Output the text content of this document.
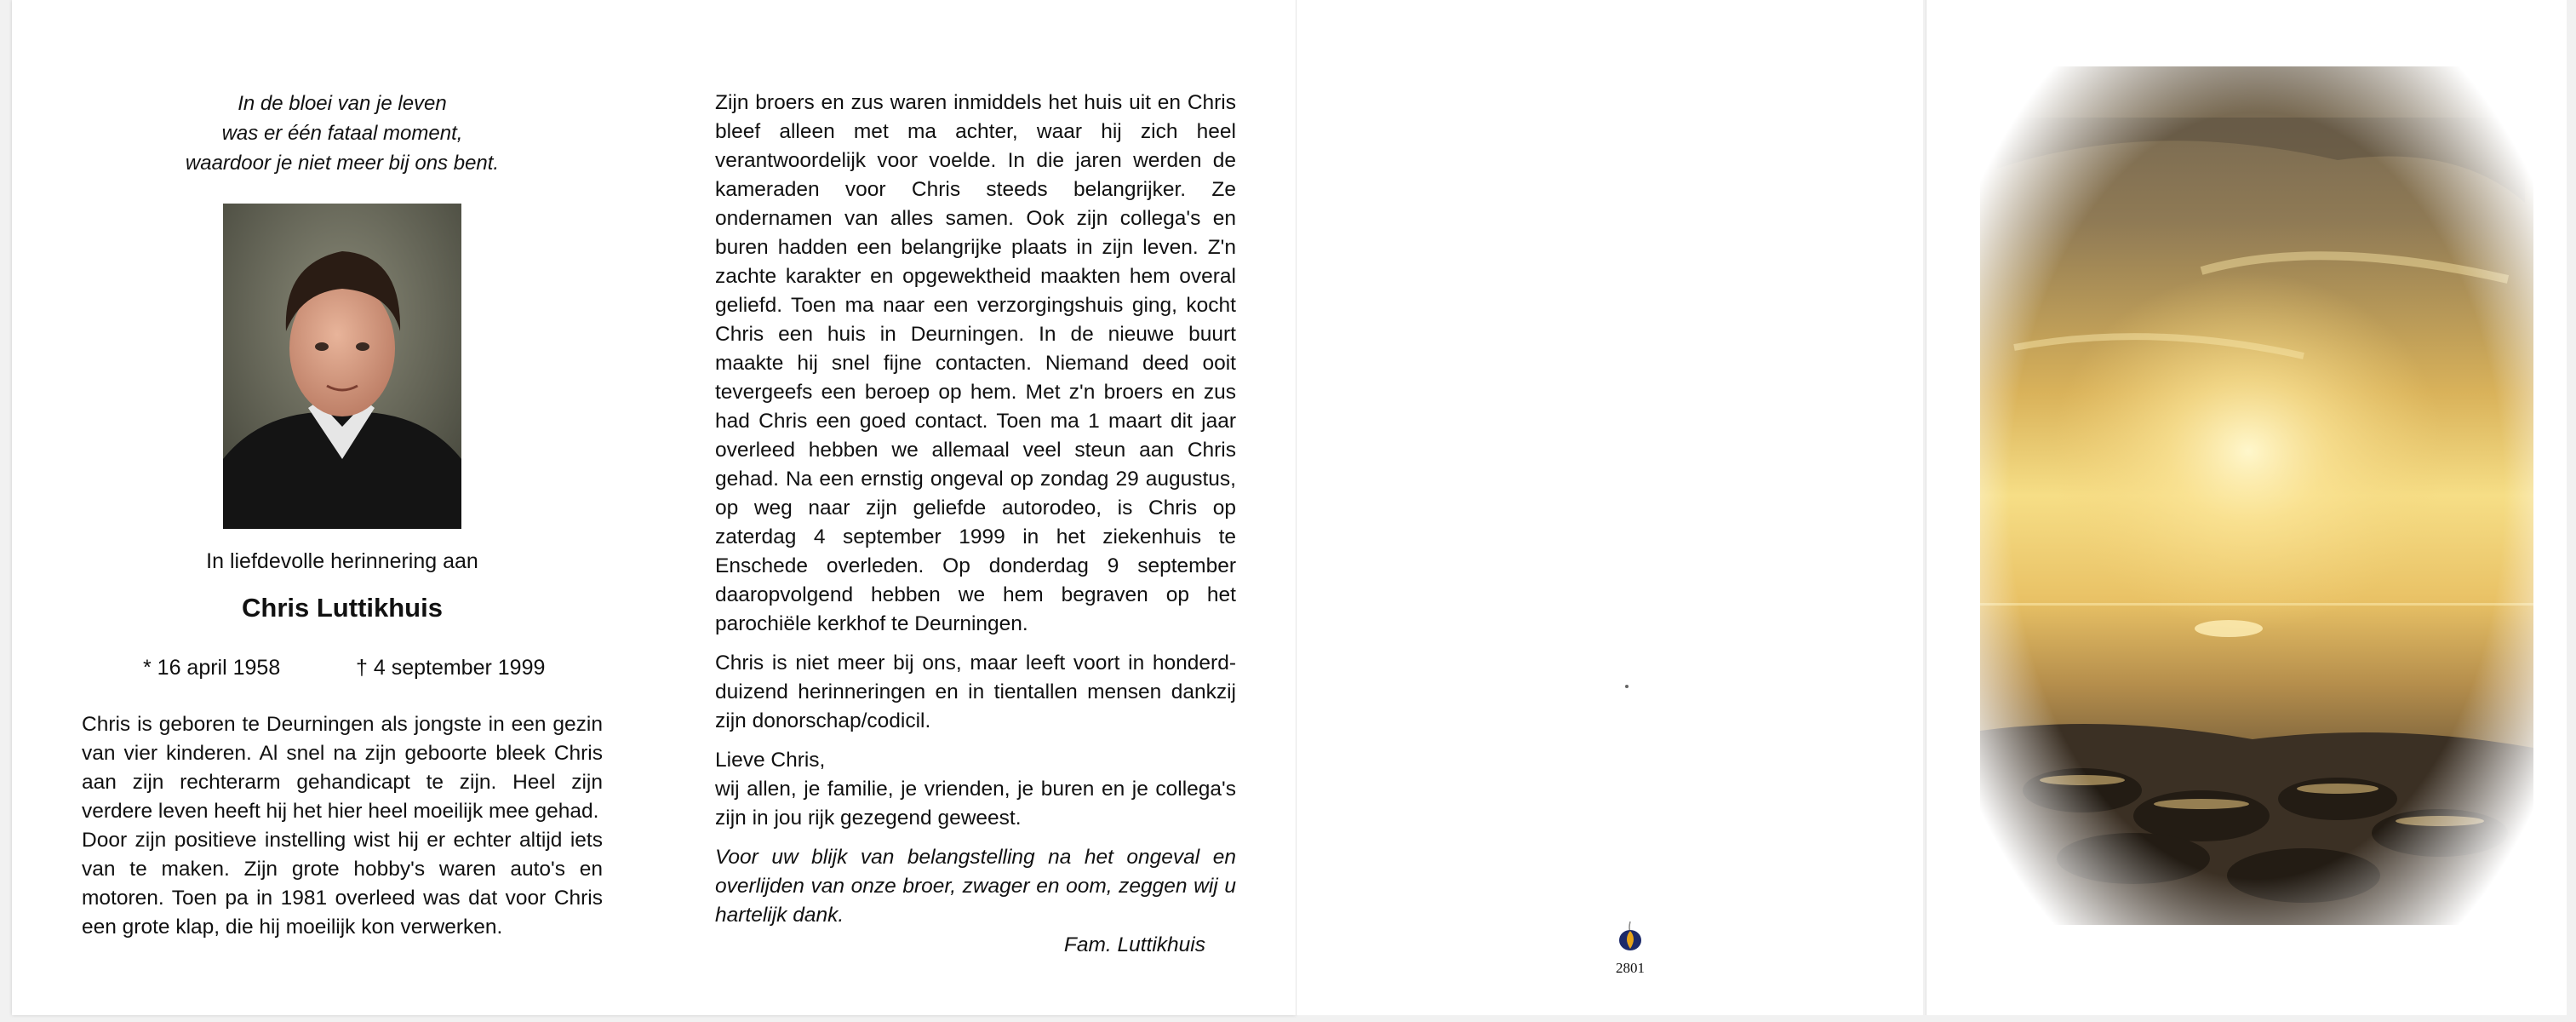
In de bloei van je leven
was er één fataal moment,
waardoor je niet meer bij ons bent.
In liefdevolle herinnering aan
Chris Luttikhuis
* 16 april 1958	† 4 september 1999

Chris is geboren te Deurningen als jongste in een gezin van vier kinderen. Al snel na zijn geboorte bleek Chris aan zijn rechterarm gehandicapt te zijn. Heel zijn verdere leven heeft hij het hier heel moeilijk mee gehad.

Door zijn positieve instelling wist hij er echter altijd iets van te maken. Zijn grote hobby's waren auto's en motoren. Toen pa in 1981 overleed was dat voor Chris een grote klap, die hij moeilijk kon verwerken.

Zijn broers en zus waren inmiddels het huis uit en Chris bleef alleen met ma achter, waar hij zich heel verantwoordelijk voor voelde. In die jaren werden de kameraden voor Chris steeds belangrijker. Ze ondernamen van alles samen. Ook zijn collega's en buren hadden een belangrijke plaats in zijn leven. Z'n zachte karakter en opgewektheid maakten hem overal geliefd. Toen ma naar een verzorgingshuis ging, kocht Chris een huis in Deurningen. In de nieuwe buurt maakte hij snel fijne contacten. Niemand deed ooit tevergeefs een beroep op hem. Met z'n broers en zus had Chris een goed contact. Toen ma 1 maart dit jaar overleed hebben we allemaal veel steun aan Chris gehad. Na een ernstig ongeval op zondag 29 augustus, op weg naar zijn geliefde autorodeo, is Chris op zaterdag 4 september 1999 in het ziekenhuis te Enschede overleden. Op donderdag 9 september daaropvolgend hebben we hem begraven op het parochiële kerkhof te Deurningen.

Chris is niet meer bij ons, maar leeft voort in honderd-duizend herinneringen en in tientallen mensen dankzij zijn donorschap/codicil.

Lieve Chris,

wij allen, je familie, je vrienden, je buren en je collega's zijn in jou rijk gezegend geweest.

Voor uw blijk van belangstelling na het ongeval en overlijden van onze broer, zwager en oom, zeggen wij u hartelijk dank.

Fam. Luttikhuis
2801
